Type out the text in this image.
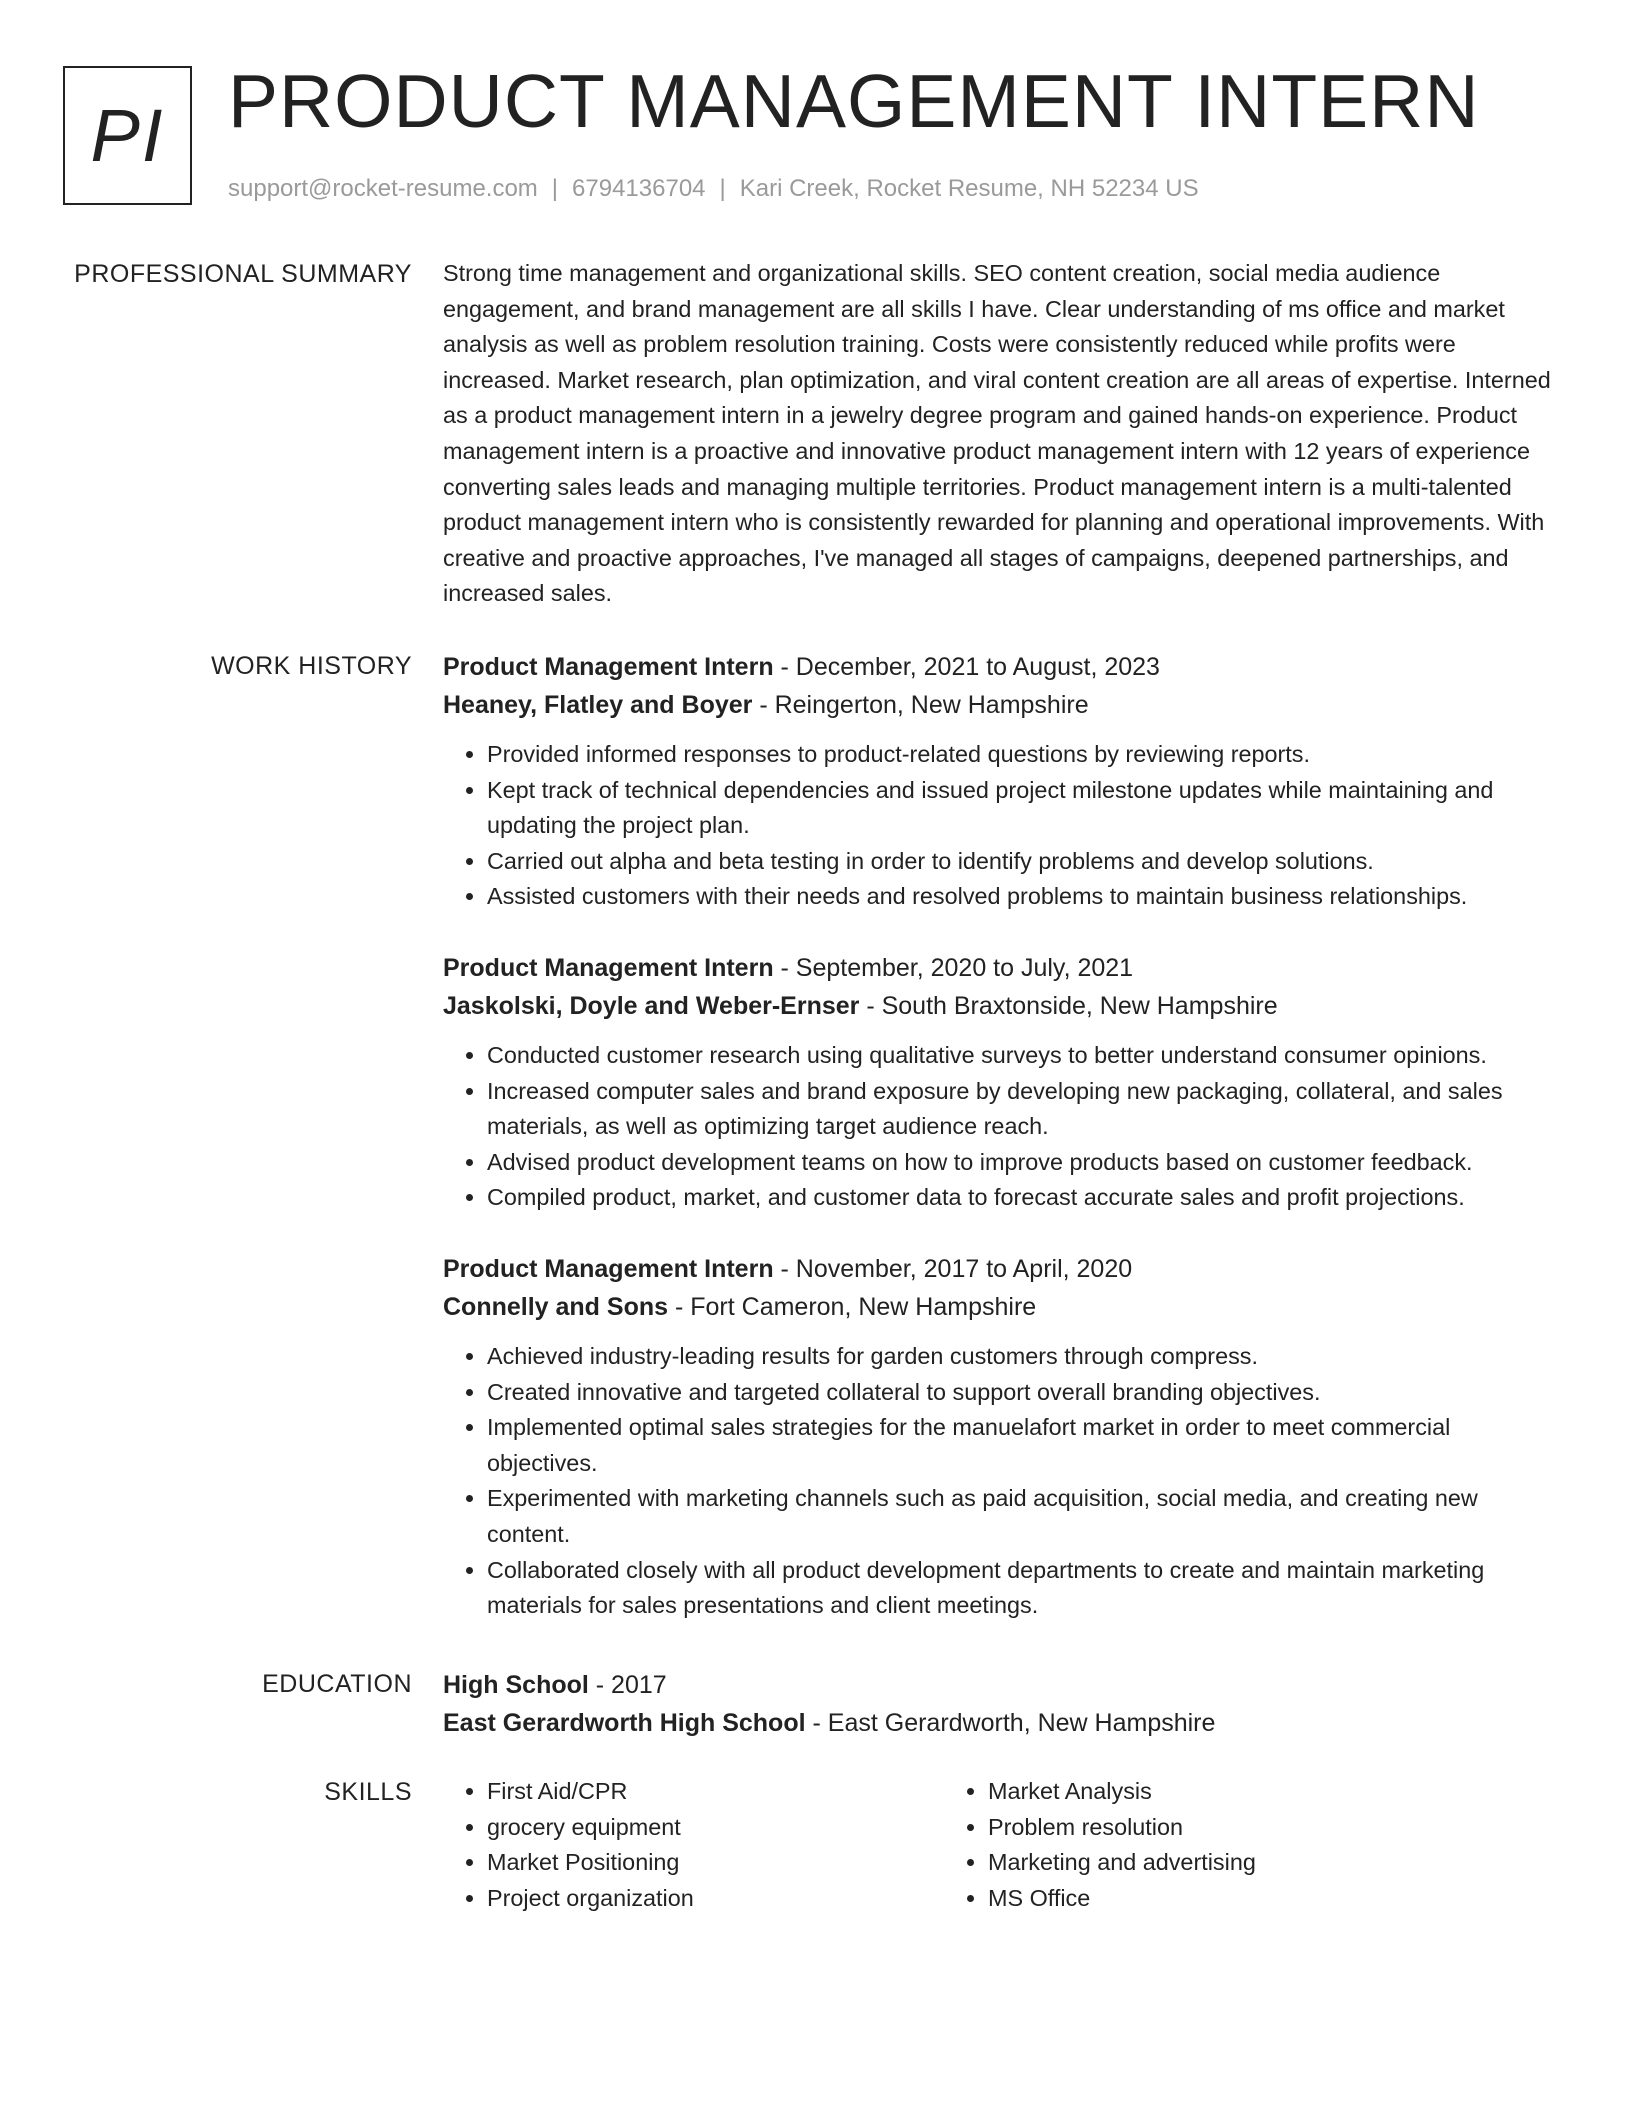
PI PRODUCT MANAGEMENT INTERN
support@rocket-resume.com | 6794136704 | Kari Creek, Rocket Resume, NH 52234 US
PROFESSIONAL SUMMARY Strong time management and organizational skills. SEO content creation, social media audience engagement, and brand management are all skills I have. Clear understanding of ms office and market analysis as well as problem resolution training. Costs were consistently reduced while profits were increased. Market research, plan optimization, and viral content creation are all areas of expertise. Interned as a product management intern in a jewelry degree program and gained hands-on experience. Product management intern is a proactive and innovative product management intern with 12 years of experience converting sales leads and managing multiple territories. Product management intern is a multi-talented product management intern who is consistently rewarded for planning and operational improvements. With creative and proactive approaches, I've managed all stages of campaigns, deepened partnerships, and increased sales.

WORK HISTORY Product Management Intern - December, 2021 to August, 2023

Heaney, Flatley and Boyer - Reingerton, New Hampshire

• Provided informed responses to product-related questions by reviewing reports.
• Kept track of technical dependencies and issued project milestone updates while maintaining and updating the project plan.
• Carried out alpha and beta testing in order to identify problems and develop solutions.
• Assisted customers with their needs and resolved problems to maintain business relationships.

Product Management Intern - September, 2020 to July, 2021

Jaskolski, Doyle and Weber-Ernser - South Braxtonside, New Hampshire

• Conducted customer research using qualitative surveys to better understand consumer opinions.
• Increased computer sales and brand exposure by developing new packaging, collateral, and sales materials, as well as optimizing target audience reach.
• Advised product development teams on how to improve products based on customer feedback.
• Compiled product, market, and customer data to forecast accurate sales and profit projections.

Product Management Intern - November, 2017 to April, 2020

Connelly and Sons - Fort Cameron, New Hampshire

• Achieved industry-leading results for garden customers through compress.
• Created innovative and targeted collateral to support overall branding objectives.
• Implemented optimal sales strategies for the manuelafort market in order to meet commercial objectives.
• Experimented with marketing channels such as paid acquisition, social media, and creating new content.
• Collaborated closely with all product development departments to create and maintain marketing materials for sales presentations and client meetings.
EDUCATION High School - 2017

East Gerardworth High School - East Gerardworth, New Hampshire

SKILLS
•	First Aid/CPR
• grocery equipment
• Market Positioning
• Project organization
• Market Analysis
• Problem resolution
• Marketing and advertising
• MS Office
